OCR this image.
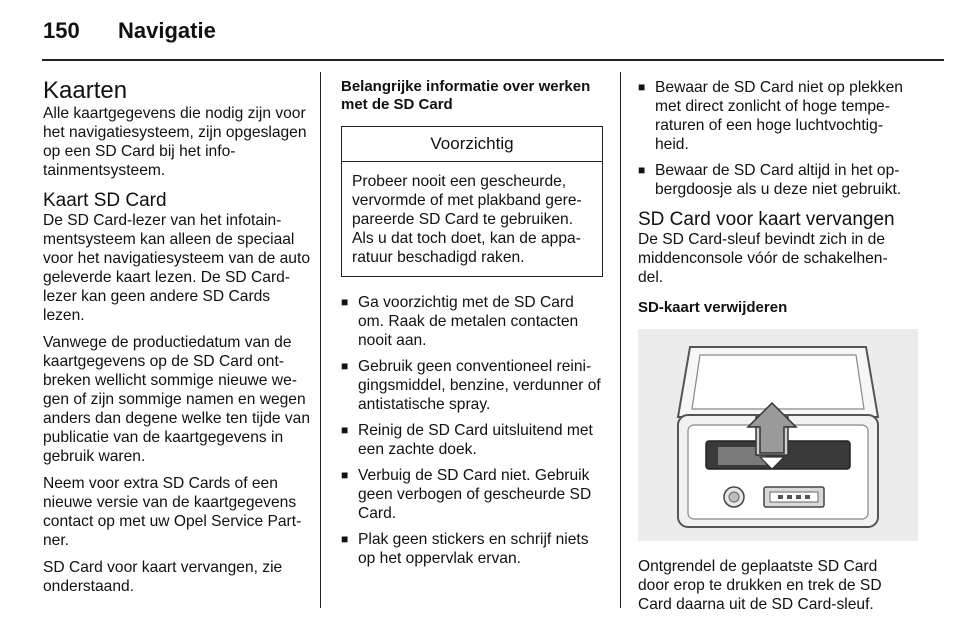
150 Navigatie
Kaarten

Alle kaartgegevens die nodig zijn voor het navigatiesysteem, zijn opgeslagen op een SD Card bij het infotainmentsysteem.

Kaart SD Card

De SD Card-lezer van het infotainmentsysteem kan alleen de speciaal voor het navigatiesysteem van de auto geleverde kaart lezen. De SD Card-lezer kan geen andere SD Cards lezen.

Vanwege de productiedatum van de kaartgegevens op de SD Card ontbreken wellicht sommige nieuwe wegen of zijn sommige namen en wegen anders dan degene welke ten tijde van publicatie van de kaartgegevens in gebruik waren.

Neem voor extra SD Cards of een nieuwe versie van de kaartgegevens contact op met uw Opel Service Partner.

SD Card voor kaart vervangen, zie onderstaand.

Belangrijke informatie over werken met de SD Card
Voorzichtig
Probeer nooit een gescheurde, vervormde of met plakband gerepareerde SD Card te gebruiken. Als u dat toch doet, kan de apparatuur beschadigd raken.
■ Ga voorzichtig met de SD Card om. Raak de metalen contacten nooit aan.
■ Gebruik geen conventioneel reinigingsmiddel, benzine, verdunner of antistatische spray.
■ Reinig de SD Card uitsluitend met een zachte doek.
■ Verbuig de SD Card niet. Gebruik geen verbogen of gescheurde SD Card.
■ Plak geen stickers en schrijf niets op het oppervlak ervan.
■ Bewaar de SD Card niet op plekken met direct zonlicht of hoge temperaturen of een hoge luchtvochtigheid.
■ Bewaar de SD Card altijd in het opbergdoosje als u deze niet gebruikt.
SD Card voor kaart vervangen

De SD Card-sleuf bevindt zich in de middenconsole vóór de schakelhendel.

SD-kaart verwijderen

Ontgrendel de geplaatste SD Card door erop te drukken en trek de SD Card daarna uit de SD Card-sleuf.
